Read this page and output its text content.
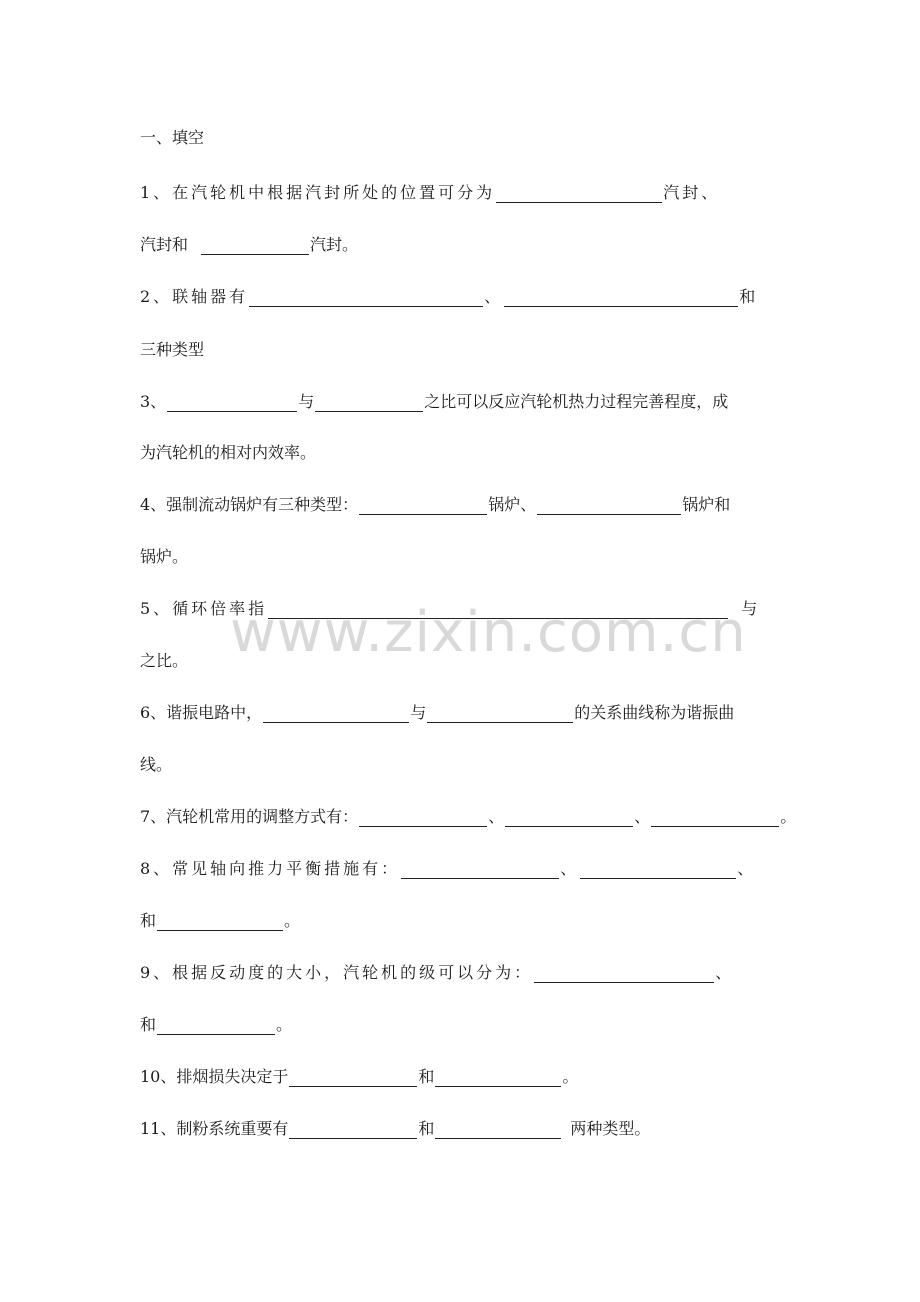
一、填空
1、在汽轮机中根据汽封所处的位置可分为	汽封、
汽封和	汽封。
2、联轴器有	、	和
三种类型
3、	与	之比可以反应汽轮机热力过程完善程度，成
为汽轮机的相对内效率。
4、强制流动锅炉有三种类型：	锅炉、	锅炉和
锅炉。
5、循环倍率指	与
之比。
6、谐振电路中，	与	的关系曲线称为谐振曲
线。
7、汽轮机常用的调整方式有：	、	、	。
8、常见轴向推力平衡措施有：	、	、
和	。
9、根据反动度的大小，汽轮机的级可以分为：	、
和	。
10、排烟损失决定于	和	。
11、制粉系统重要有	和	两种类型。
www.zixin.com.cn
